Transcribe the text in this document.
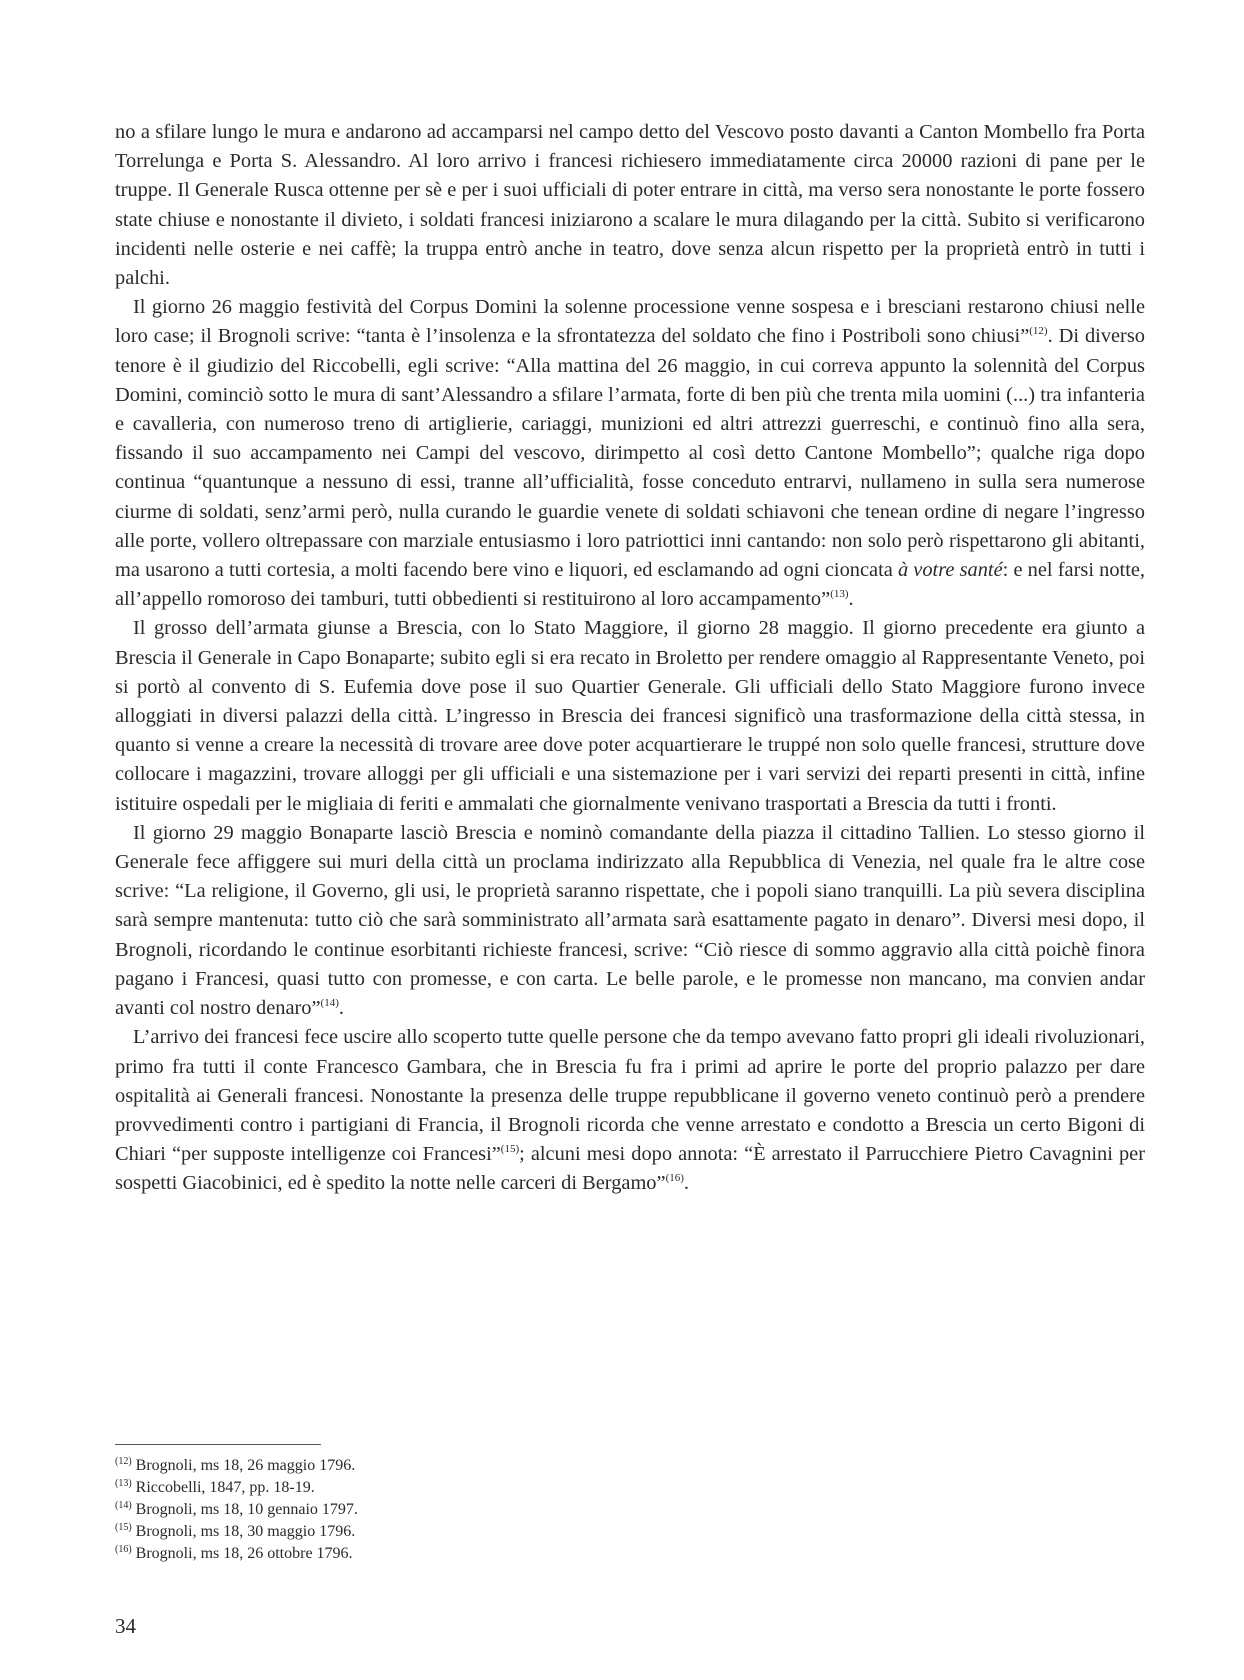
no a sfilare lungo le mura e andarono ad accamparsi nel campo detto del Vescovo posto davanti a Canton Mombello fra Porta Torrelunga e Porta S. Alessandro. Al loro arrivo i francesi richiesero immediatamente circa 20000 razioni di pane per le truppe. Il Generale Rusca ottenne per sè e per i suoi ufficiali di poter entrare in città, ma verso sera nonostante le porte fossero state chiuse e nonostante il divieto, i soldati francesi iniziarono a scalare le mura dilagando per la città. Subito si verificarono incidenti nelle osterie e nei caffè; la truppa entrò anche in teatro, dove senza alcun rispetto per la proprietà entrò in tutti i palchi.

Il giorno 26 maggio festività del Corpus Domini la solenne processione venne sospesa e i bresciani restarono chiusi nelle loro case; il Brognoli scrive: “tanta è l’insolenza e la sfrontatezza del soldato che fino i Postriboli sono chiusi”$^{(12)}$. Di diverso tenore è il giudizio del Riccobelli, egli scrive: “Alla mattina del 26 maggio, in cui correva appunto la solennità del Corpus Domini, cominciò sotto le mura di sant’Alessandro a sfilare l’armata, forte di ben più che trenta mila uomini (...) tra infanteria e cavalleria, con numeroso treno di artiglierie, cariaggi, munizioni ed altri attrezzi guerreschi, e continuò fino alla sera, fissando il suo accampamento nei Campi del vescovo, dirimpetto al così detto Cantone Mombello”; qualche riga dopo continua “quantunque a nessuno di essi, tranne all’ufficialità, fosse conceduto entrarvi, nullameno in sulla sera numerose ciurme di soldati, senz’armi però, nulla curando le guardie venete di soldati schiavoni che tenean ordine di negare l’ingresso alle porte, vollero oltrepassare con marziale entusiasmo i loro patriottici inni cantando: non solo però rispettarono gli abitanti, ma usarono a tutti cortesia, a molti facendo bere vino e liquori, ed esclamando ad ogni cioncata à votre santé: e nel farsi notte, all’appello romoroso dei tamburi, tutti obbedienti si restituirono al loro accampamento”$^{(13)}$.

Il grosso dell’armata giunse a Brescia, con lo Stato Maggiore, il giorno 28 maggio. Il giorno precedente era giunto a Brescia il Generale in Capo Bonaparte; subito egli si era recato in Broletto per rendere omaggio al Rappresentante Veneto, poi si portò al convento di S. Eufemia dove pose il suo Quartier Generale. Gli ufficiali dello Stato Maggiore furono invece alloggiati in diversi palazzi della città. L’ingresso in Brescia dei francesi significò una trasformazione della città stessa, in quanto si venne a creare la necessità di trovare aree dove poter acquartierare le truppé non solo quelle francesi, strutture dove collocare i magazzini, trovare alloggi per gli ufficiali e una sistemazione per i vari servizi dei reparti presenti in città, infine istituire ospedali per le migliaia di feriti e ammalati che giornalmente venivano trasportati a Brescia da tutti i fronti.

Il giorno 29 maggio Bonaparte lasciò Brescia e nominò comandante della piazza il cittadino Tallien. Lo stesso giorno il Generale fece affiggere sui muri della città un proclama indirizzato alla Repubblica di Venezia, nel quale fra le altre cose scrive: “La religione, il Governo, gli usi, le proprietà saranno rispettate, che i popoli siano tranquilli. La più severa disciplina sarà sempre mantenuta: tutto ciò che sarà somministrato all’armata sarà esattamente pagato in denaro”. Diversi mesi dopo, il Brognoli, ricordando le continue esorbitanti richieste francesi, scrive: “Ciò riesce di sommo aggravio alla città poichè finora pagano i Francesi, quasi tutto con promesse, e con carta. Le belle parole, e le promesse non mancano, ma convien andar avanti col nostro denaro”$^{(14)}$.

L’arrivo dei francesi fece uscire allo scoperto tutte quelle persone che da tempo avevano fatto propri gli ideali rivoluzionari, primo fra tutti il conte Francesco Gambara, che in Brescia fu fra i primi ad aprire le porte del proprio palazzo per dare ospitalità ai Generali francesi. Nonostante la presenza delle truppe repubblicane il governo veneto continuò però a prendere provvedimenti contro i partigiani di Francia, il Brognoli ricorda che venne arrestato e condotto a Brescia un certo Bigoni di Chiari “per supposte intelligenze coi Francesi”$^{(15)}$; alcuni mesi dopo annota: “È arrestato il Parrucchiere Pietro Cavagnini per sospetti Giacobinici, ed è spedito la notte nelle carceri di Bergamo”$^{(16)}$.

$^{(12)}$ Brognoli, ms 18, 26 maggio 1796.
$^{(13)}$ Riccobelli, 1847, pp. 18-19.
$^{(14)}$ Brognoli, ms 18, 10 gennaio 1797.
$^{(15)}$ Brognoli, ms 18, 30 maggio 1796.
$^{(16)}$ Brognoli, ms 18, 26 ottobre 1796.
34
